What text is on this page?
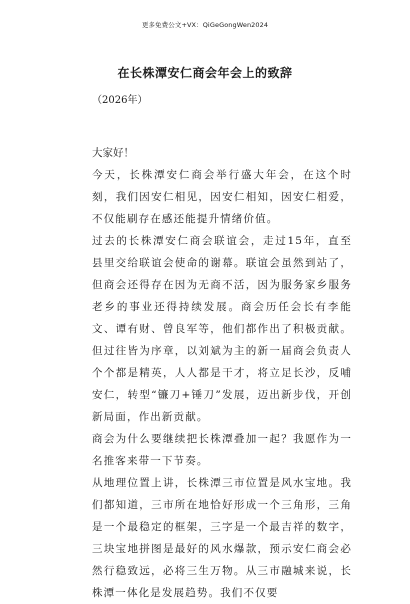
更多免费公文+VX：QiGeGongWen2024
在长株潭安仁商会年会上的致辞
（2026年）
大家好！

今天，长株潭安仁商会举行盛大年会，在这个时刻，我们因安仁相见，因安仁相知，因安仁相爱，不仅能刷存在感还能提升情绪价值。

过去的长株潭安仁商会联谊会，走过15年，直至县里交给联谊会使命的谢幕。联谊会虽然到站了，但商会还得存在因为无商不活，因为服务家乡服务老乡的事业还得持续发展。商会历任会长有李能文、谭有财、曾良军等，他们都作出了积极贡献。但过往皆为序章，以刘斌为主的新一届商会负责人个个都是精英，人人都是干才，将立足长沙，反哺安仁，转型“镰刀+锤刀”发展，迈出新步伐，开创新局面，作出新贡献。

商会为什么要继续把长株潭叠加一起？我愿作为一名推客来带一下节奏。

从地理位置上讲，长株潭三市位置是风水宝地。我们都知道，三市所在地恰好形成一个三角形，三角是一个最稳定的框架，三字是一个最吉祥的数字，三块宝地拼图是最好的风水爆款，预示安仁商会必然行稳致远，必将三生万物。从三市融城来说，长株潭一体化是发展趋势。我们不仅要
